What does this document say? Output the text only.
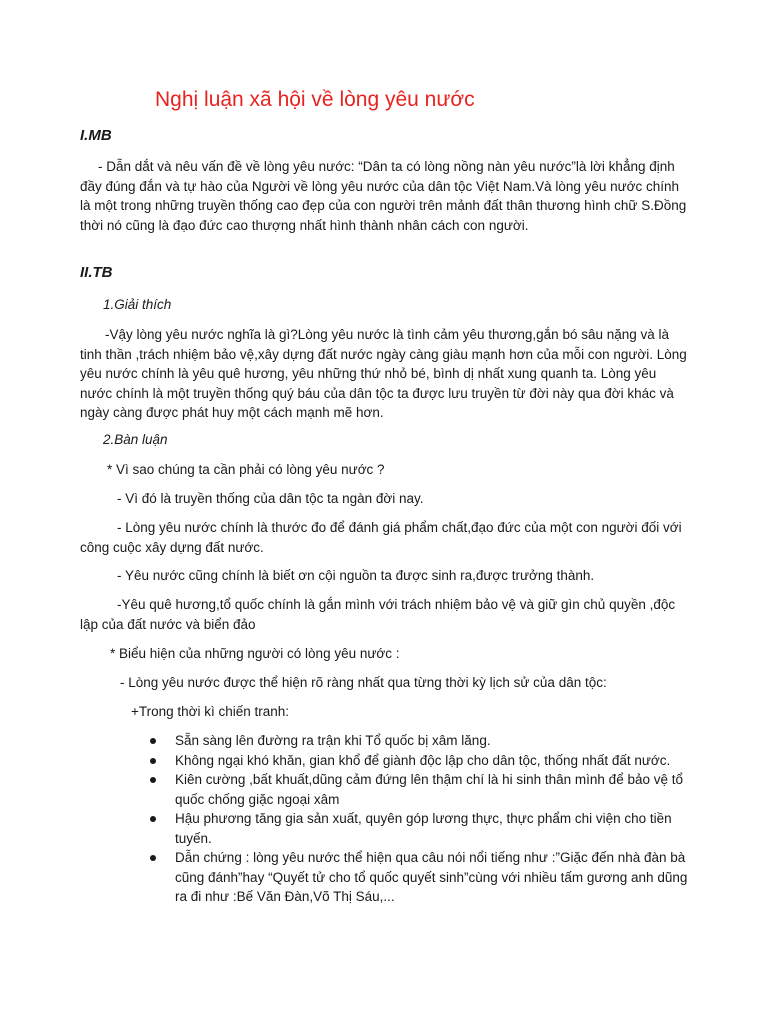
Nghị luận xã hội về lòng yêu nước
I.MB

- Dẫn dắt và nêu vấn đề về lòng yêu nước: “Dân ta có lòng nồng nàn yêu nước”là lời khẳng định đầy đúng đắn và tự hào của Người về lòng yêu nước của dân tộc Việt Nam.Và lòng yêu nước chính là một trong những truyền thống cao đẹp của con người trên mảnh đất thân thương hình chữ S.Đồng thời nó cũng là đạo đức cao thượng nhất hình thành nhân cách con người.

II.TB

1.Giải thích

-Vậy lòng yêu nước nghĩa là gì?Lòng yêu nước là tình cảm yêu thương,gắn bó sâu nặng và là tinh thần ,trách nhiệm bảo vệ,xây dựng đất nước ngày càng giàu mạnh hơn của mỗi con người. Lòng yêu nước chính là yêu quê hương, yêu những thứ nhỏ bé, bình dị nhất xung quanh ta. Lòng yêu nước chính là một truyền thống quý báu của dân tộc ta được lưu truyền từ đời này qua đời khác và ngày càng được phát huy một cách mạnh mẽ hơn.

2.Bàn luận

* Vì sao chúng ta cần phải có lòng yêu nước ?

- Vì đó là truyền thống của dân tộc ta ngàn đời nay.

- Lòng yêu nước chính là thước đo để đánh giá phẩm chất,đạo đức của một con người đối với công cuộc xây dựng đất nước.

- Yêu nước cũng chính là biết ơn cội nguồn ta được sinh ra,được trưởng thành.

-Yêu quê hương,tổ quốc chính là gắn mình với trách nhiệm bảo vệ và giữ gìn chủ quyền ,độc lập của đất nước và biển đảo

* Biểu hiện của những người có lòng yêu nước :

- Lòng yêu nước được thể hiện rõ ràng nhất qua từng thời kỳ lịch sử của dân tộc:

+Trong thời kì chiến tranh:

Sẵn sàng lên đường ra trận khi Tổ quốc bị xâm lăng.
Không ngại khó khăn, gian khổ để giành độc lập cho dân tộc, thống nhất đất nước.
Kiên cường ,bất khuất,dũng cảm đứng lên thậm chí là hi sinh thân mình để bảo vệ tổ quốc chống giặc ngoại xâm
Hậu phương tăng gia sản xuất, quyên góp lương thực, thực phẩm chi viện cho tiền tuyến.
Dẫn chứng : lòng yêu nước thể hiện qua câu nói nổi tiếng như :”Giặc đến nhà đàn bà cũng đánh”hay “Quyết tử cho tổ quốc quyết sinh”cùng với nhiều tấm gương anh dũng ra đi như :Bế Văn Đàn,Võ Thị Sáu,...
